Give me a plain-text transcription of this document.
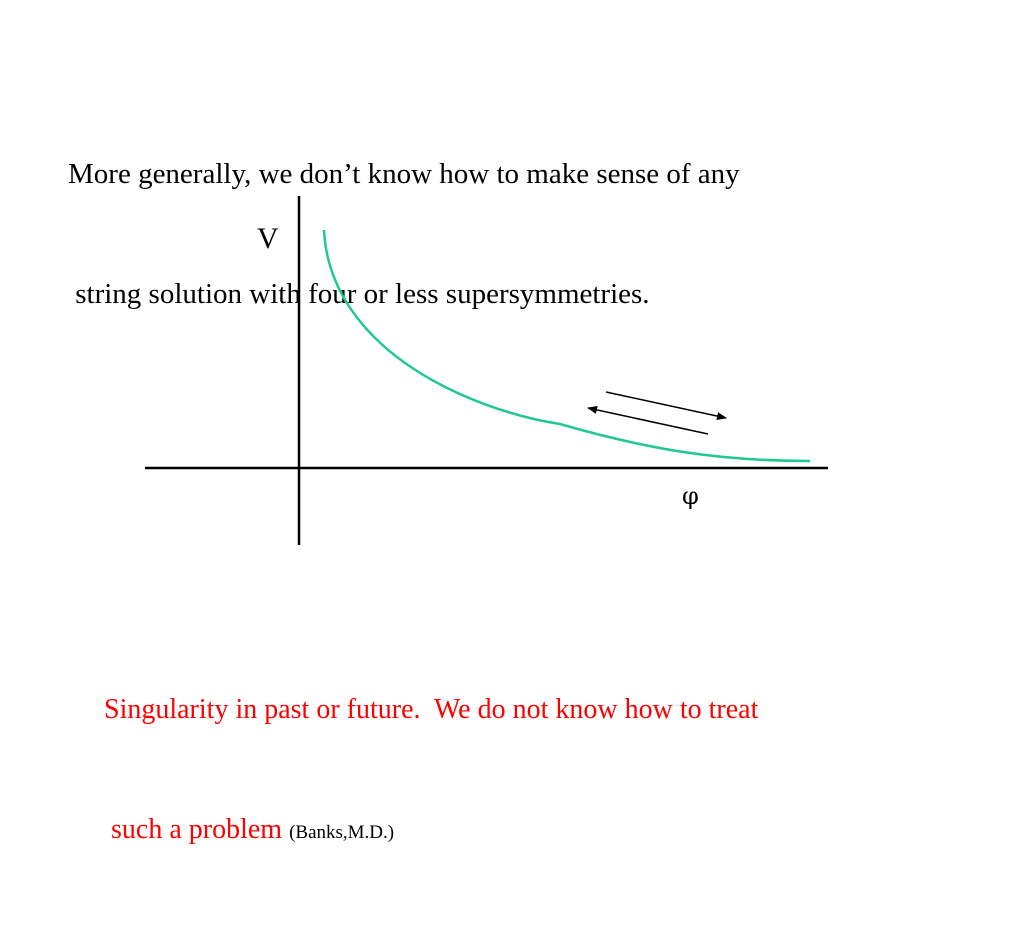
More generally, we don’t know how to make sense of any

string solution with four or less supersymmetries.

V
φ

Singularity in past or future.  We do not know how to treat

such a problem (Banks,M.D.)
